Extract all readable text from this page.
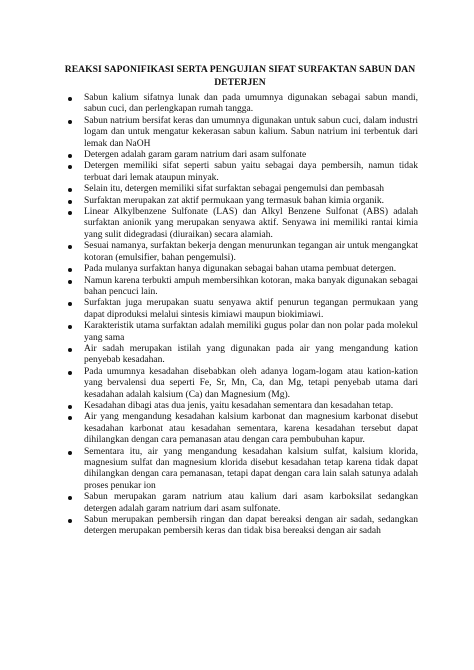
REAKSI SAPONIFIKASI SERTA PENGUJIAN SIFAT SURFAKTAN SABUN DAN DETERJEN
Sabun kalium sifatnya lunak dan pada umumnya digunakan sebagai sabun mandi, sabun cuci, dan perlengkapan rumah tangga.
Sabun natrium bersifat keras dan umumnya digunakan untuk sabun cuci, dalam industri logam dan untuk mengatur kekerasan sabun kalium. Sabun natrium ini terbentuk dari lemak dan NaOH
Detergen adalah garam garam natrium dari asam sulfonate
Detergen memiliki sifat seperti sabun yaitu sebagai daya pembersih, namun tidak terbuat dari lemak ataupun minyak.
Selain itu, detergen memiliki sifat surfaktan sebagai pengemulsi dan pembasah
Surfaktan merupakan zat aktif permukaan yang termasuk bahan kimia organik.
Linear Alkylbenzene Sulfonate (LAS) dan Alkyl Benzene Sulfonat (ABS) adalah surfaktan anionik yang merupakan senyawa aktif. Senyawa ini memiliki rantai kimia yang sulit didegradasi (diuraikan) secara alamiah.
Sesuai namanya, surfaktan bekerja dengan menurunkan tegangan air untuk mengangkat kotoran (emulsifier, bahan pengemulsi).
Pada mulanya surfaktan hanya digunakan sebagai bahan utama pembuat detergen.
Namun karena terbukti ampuh membersihkan kotoran, maka banyak digunakan sebagai bahan pencuci lain.
Surfaktan juga merupakan suatu senyawa aktif penurun tegangan permukaan yang dapat diproduksi melalui sintesis kimiawi maupun biokimiawi.
Karakteristik utama surfaktan adalah memiliki gugus polar dan non polar pada molekul yang sama
Air sadah merupakan istilah yang digunakan pada air yang mengandung kation penyebab kesadahan.
Pada umumnya kesadahan disebabkan oleh adanya logam-logam atau kation-kation yang bervalensi dua seperti Fe, Sr, Mn, Ca, dan Mg, tetapi penyebab utama dari kesadahan adalah kalsium (Ca) dan Magnesium (Mg).
Kesadahan dibagi atas dua jenis, yaitu kesadahan sementara dan kesadahan tetap.
Air yang mengandung kesadahan kalsium karbonat dan magnesium karbonat disebut kesadahan karbonat atau kesadahan sementara, karena kesadahan tersebut dapat dihilangkan dengan cara pemanasan atau dengan cara pembubuhan kapur.
Sementara itu, air yang mengandung kesadahan kalsium sulfat, kalsium klorida, magnesium sulfat dan magnesium klorida disebut kesadahan tetap karena tidak dapat dihilangkan dengan cara pemanasan, tetapi dapat dengan cara lain salah satunya adalah proses penukar ion
Sabun merupakan garam natrium atau kalium dari asam karboksilat sedangkan detergen adalah garam natrium dari asam sulfonate.
Sabun merupakan pembersih ringan dan dapat bereaksi dengan air sadah, sedangkan detergen merupakan pembersih keras dan tidak bisa bereaksi dengan air sadah
